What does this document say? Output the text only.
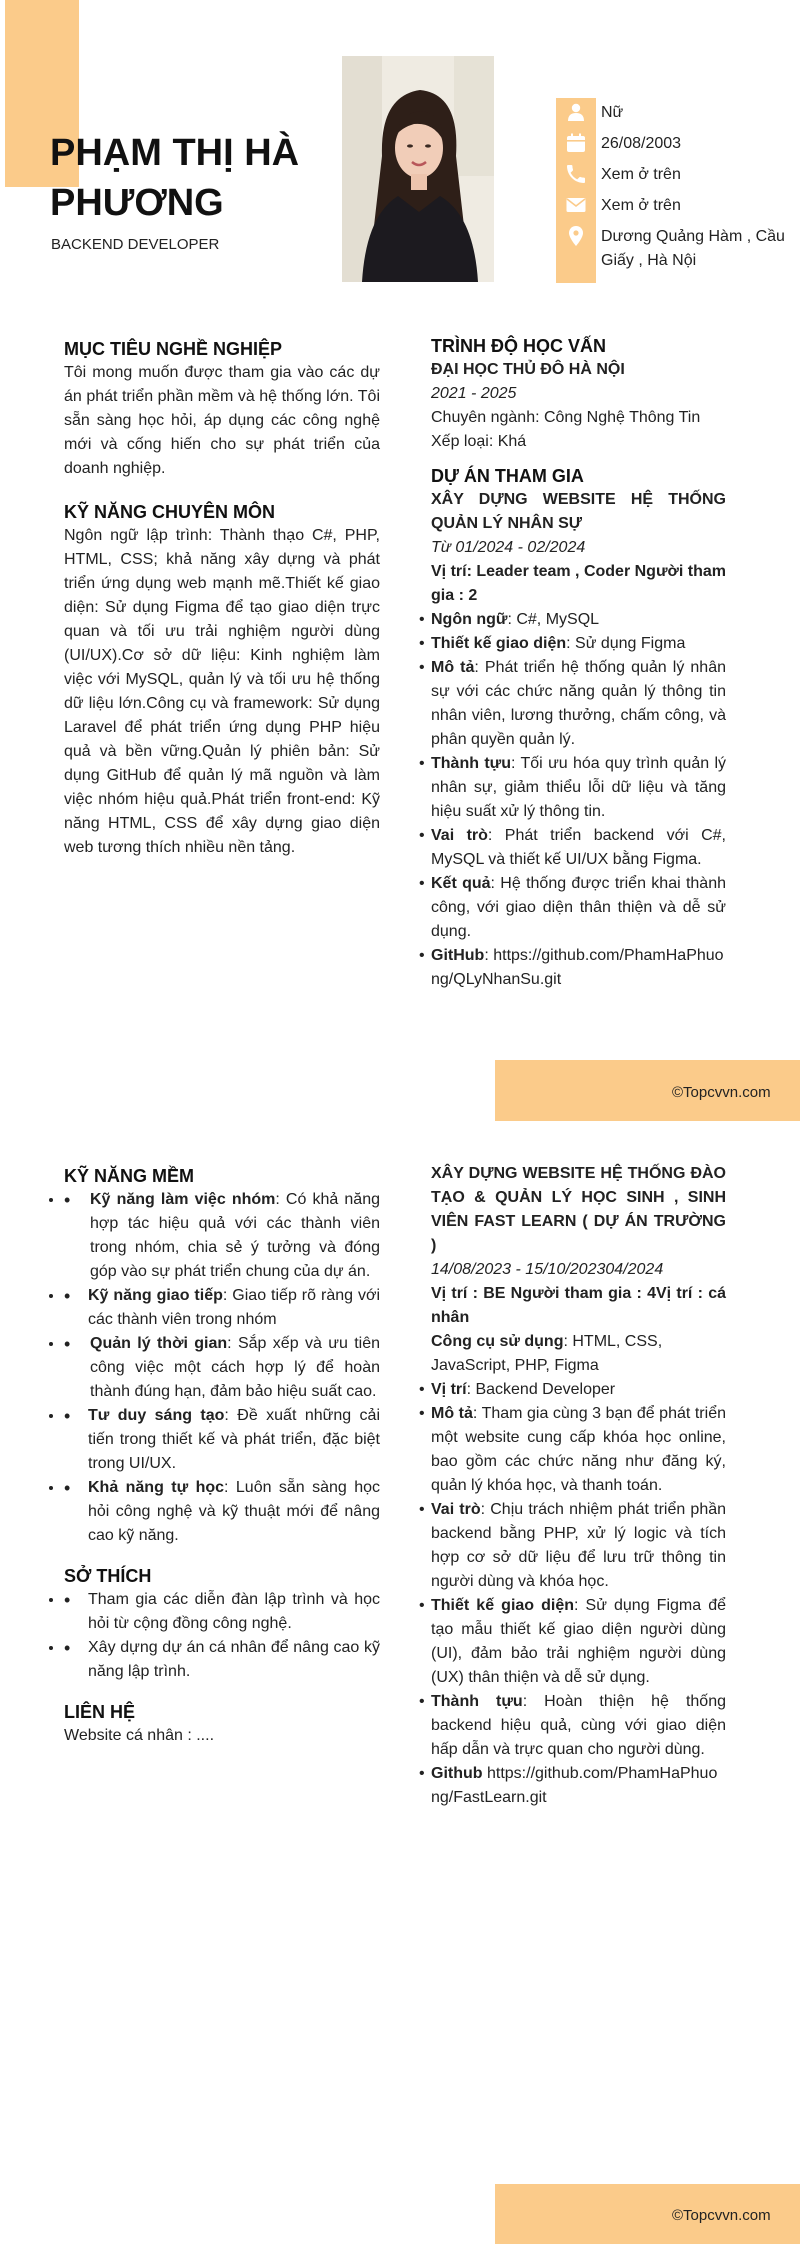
PHẠM THỊ HÀ PHƯƠNG
BACKEND DEVELOPER
Nữ
26/08/2003
Xem ở trên
Xem ở trên
Dương Quảng Hàm , Cầu Giấy , Hà Nội
MỤC TIÊU NGHỀ NGHIỆP

Tôi mong muốn được tham gia vào các dự án phát triển phần mềm và hệ thống lớn. Tôi sẵn sàng học hỏi, áp dụng các công nghệ mới và cống hiến cho sự phát triển của doanh nghiệp.

KỸ NĂNG CHUYÊN MÔN

Ngôn ngữ lập trình: Thành thạo C#, PHP, HTML, CSS; khả năng xây dựng và phát triển ứng dụng web mạnh mẽ.Thiết kế giao diện: Sử dụng Figma để tạo giao diện trực quan và tối ưu trải nghiệm người dùng (UI/UX).Cơ sở dữ liệu: Kinh nghiệm làm việc với MySQL, quản lý và tối ưu hệ thống dữ liệu lớn.Công cụ và framework: Sử dụng Laravel để phát triển ứng dụng PHP hiệu quả và bền vững.Quản lý phiên bản: Sử dụng GitHub để quản lý mã nguồn và làm việc nhóm hiệu quả.Phát triển front-end: Kỹ năng HTML, CSS để xây dựng giao diện web tương thích nhiều nền tảng.

TRÌNH ĐỘ HỌC VẤN
ĐẠI HỌC THỦ ĐÔ HÀ NỘI
2021 - 2025
Chuyên ngành: Công Nghệ Thông Tin
Xếp loại: Khá
DỰ ÁN THAM GIA
XÂY DỰNG WEBSITE HỆ THỐNG QUẢN LÝ NHÂN SỰ
Từ 01/2024 - 02/2024
Vị trí: Leader team , Coder Người tham gia : 2
• Ngôn ngữ: C#, MySQL
• Thiết kế giao diện: Sử dụng Figma
• Mô tả: Phát triển hệ thống quản lý nhân sự với các chức năng quản lý thông tin nhân viên, lương thưởng, chấm công, và phân quyền quản lý.
• Thành tựu: Tối ưu hóa quy trình quản lý nhân sự, giảm thiểu lỗi dữ liệu và tăng hiệu suất xử lý thông tin.
• Vai trò: Phát triển backend với C#, MySQL và thiết kế UI/UX bằng Figma.
• Kết quả: Hệ thống được triển khai thành công, với giao diện thân thiện và dễ sử dụng.
• GitHub: https://github.com/PhamHaPhuong/QLyNhanSu.git
©Topcvvn.com
KỸ NĂNG MỀM
• • Kỹ năng làm việc nhóm: Có khả năng hợp tác hiệu quả với các thành viên trong nhóm, chia sẻ ý tưởng và đóng góp vào sự phát triển chung của dự án.
• • Kỹ năng giao tiếp: Giao tiếp rõ ràng với các thành viên trong nhóm
• • Quản lý thời gian: Sắp xếp và ưu tiên công việc một cách hợp lý để hoàn thành đúng hạn, đảm bảo hiệu suất cao.
• • Tư duy sáng tạo: Đề xuất những cải tiến trong thiết kế và phát triển, đặc biệt trong UI/UX.
• • Khả năng tự học: Luôn sẵn sàng học hỏi công nghệ và kỹ thuật mới để nâng cao kỹ năng.
SỞ THÍCH
• • Tham gia các diễn đàn lập trình và học hỏi từ cộng đồng công nghệ.
• • Xây dựng dự án cá nhân để nâng cao kỹ năng lập trình.
LIÊN HỆ
Website cá nhân : ....
XÂY DỰNG WEBSITE HỆ THỐNG ĐÀO TẠO & QUẢN LÝ HỌC SINH , SINH VIÊN FAST LEARN ( DỰ ÁN TRƯỜNG )
14/08/2023 - 15/10/202304/2024
Vị trí : BE Người tham gia : 4Vị trí : cá nhân
Công cụ sử dụng: HTML, CSS, JavaScript, PHP, Figma
• Vị trí: Backend Developer
• Mô tả: Tham gia cùng 3 bạn để phát triển một website cung cấp khóa học online, bao gồm các chức năng như đăng ký, quản lý khóa học, và thanh toán.
• Vai trò: Chịu trách nhiệm phát triển phần backend bằng PHP, xử lý logic và tích hợp cơ sở dữ liệu để lưu trữ thông tin người dùng và khóa học.
• Thiết kế giao diện: Sử dụng Figma để tạo mẫu thiết kế giao diện người dùng (UI), đảm bảo trải nghiệm người dùng (UX) thân thiện và dễ sử dụng.
• Thành tựu: Hoàn thiện hệ thống backend hiệu quả, cùng với giao diện hấp dẫn và trực quan cho người dùng.
• Github https://github.com/PhamHaPhuong/FastLearn.git
©Topcvvn.com
